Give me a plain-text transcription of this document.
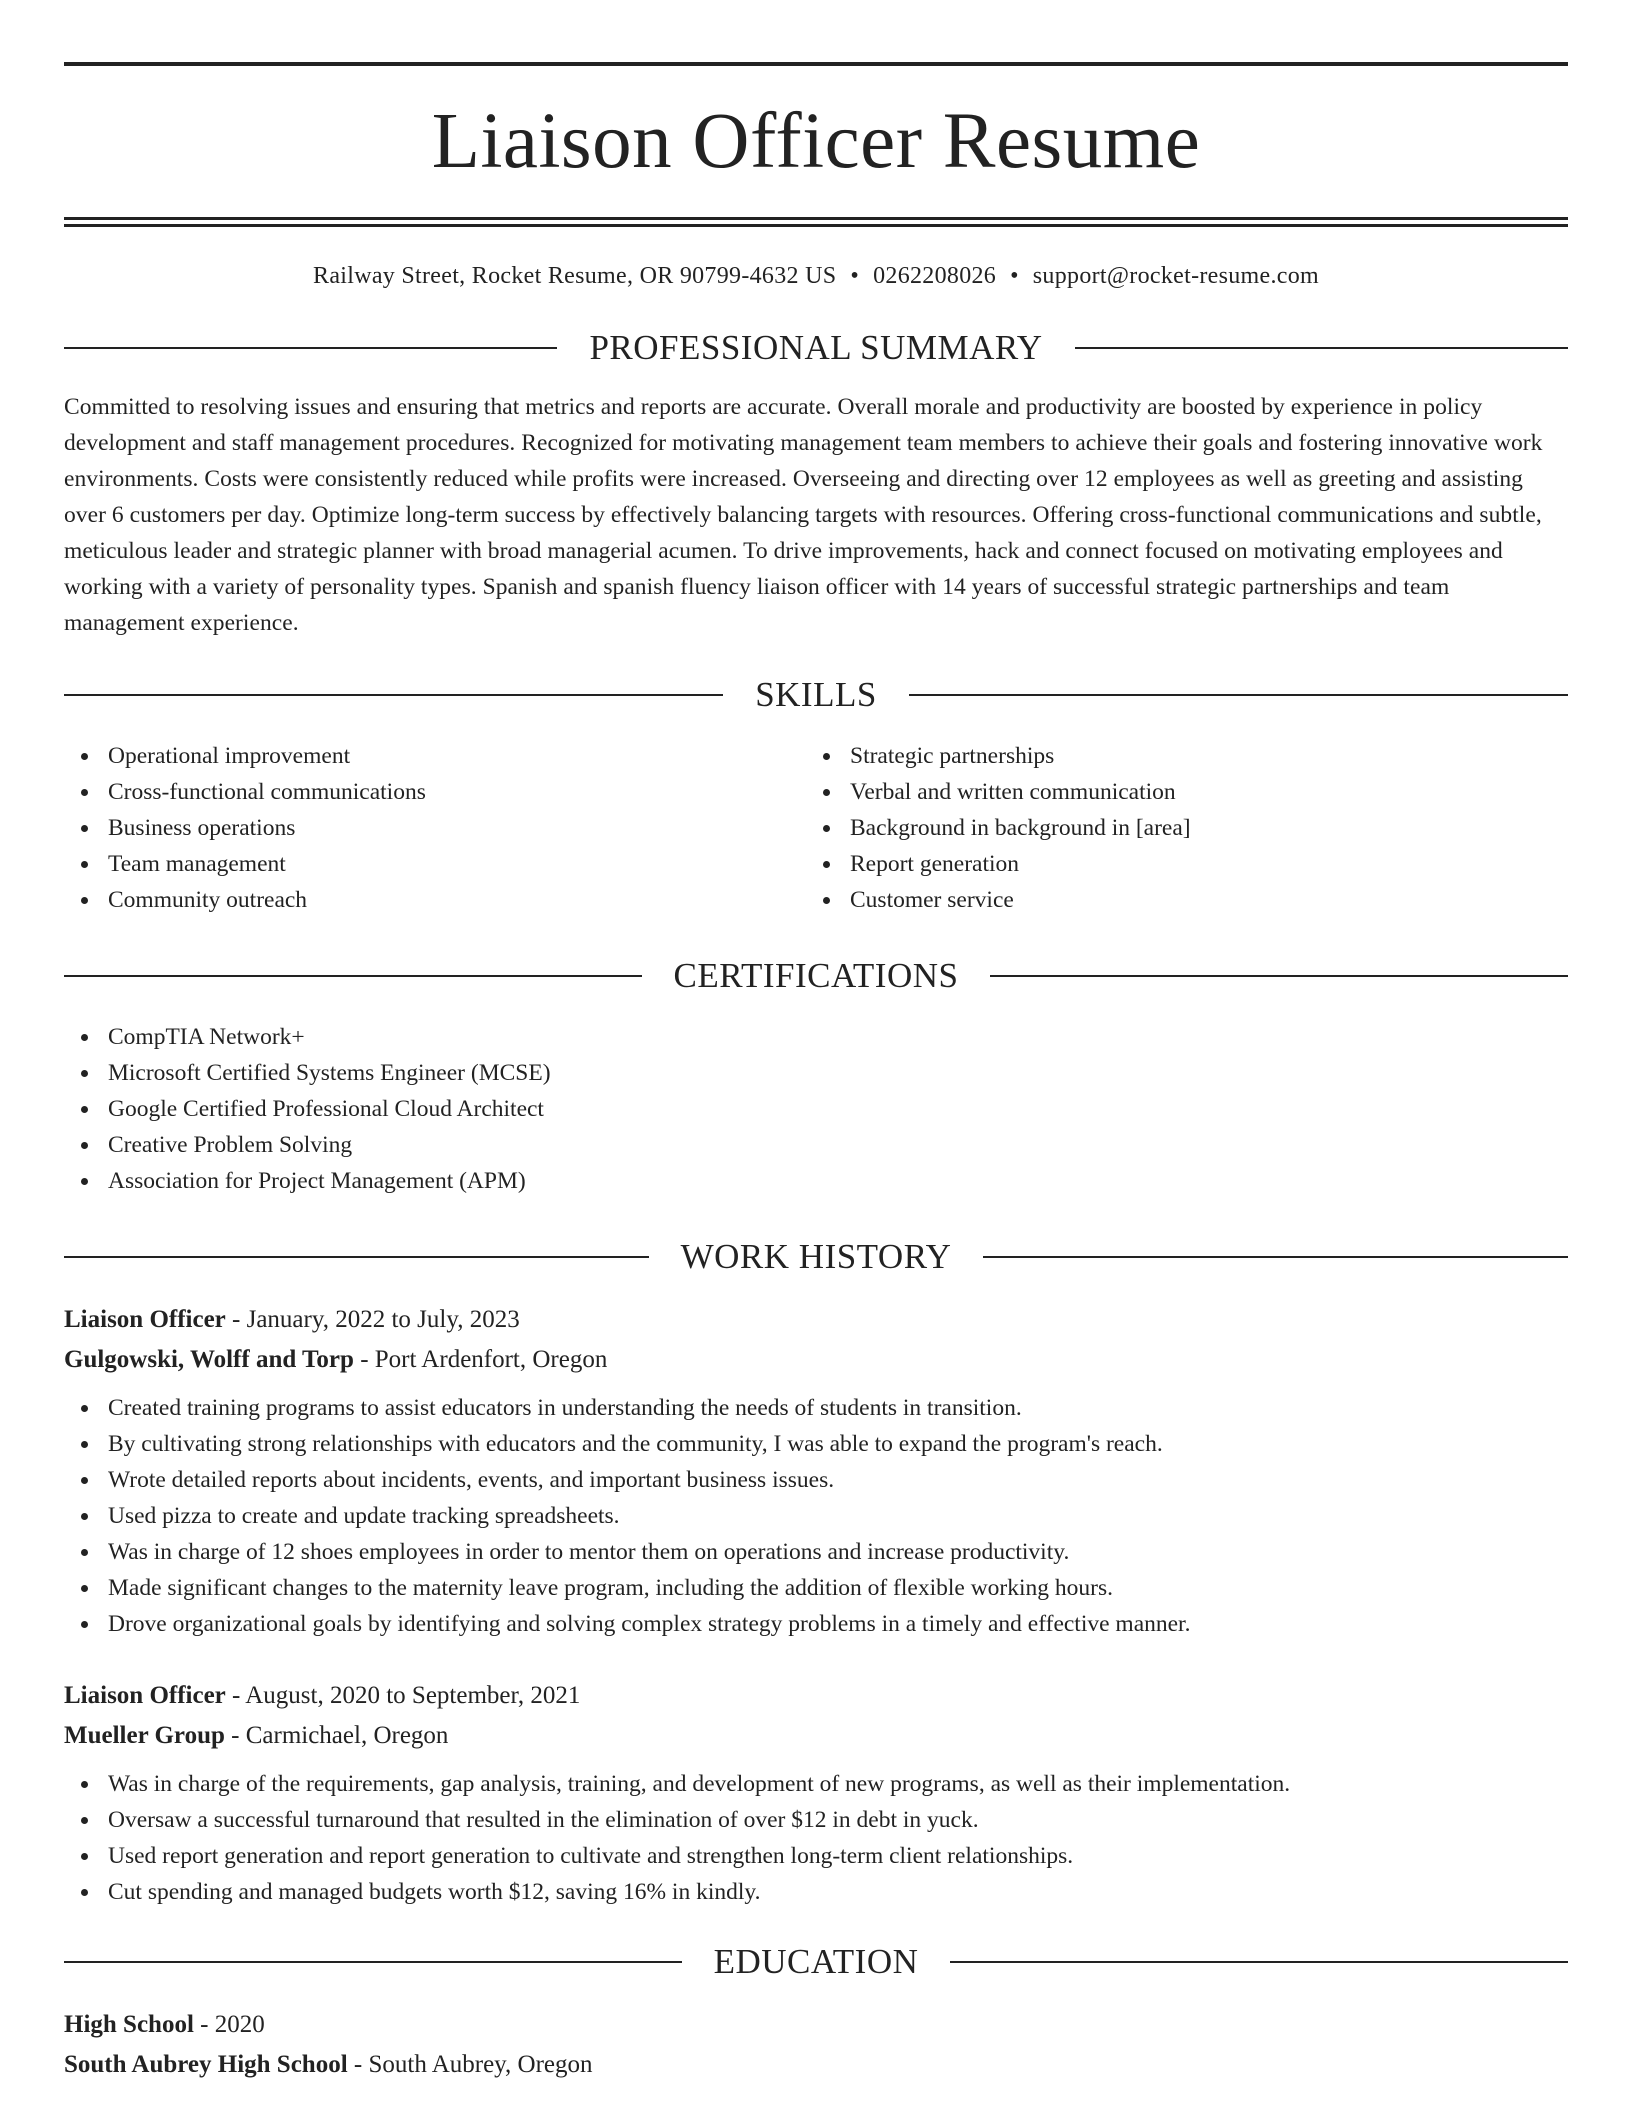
Liaison Officer Resume
Railway Street, Rocket Resume, OR 90799-4632 US • 0262208026 • support@rocket-resume.com
PROFESSIONAL SUMMARY

Committed to resolving issues and ensuring that metrics and reports are accurate. Overall morale and productivity are boosted by experience in policy development and staff management procedures. Recognized for motivating management team members to achieve their goals and fostering innovative work environments. Costs were consistently reduced while profits were increased. Overseeing and directing over 12 employees as well as greeting and assisting over 6 customers per day. Optimize long-term success by effectively balancing targets with resources. Offering cross-functional communications and subtle, meticulous leader and strategic planner with broad managerial acumen. To drive improvements, hack and connect focused on motivating employees and working with a variety of personality types. Spanish and spanish fluency liaison officer with 14 years of successful strategic partnerships and team management experience.

SKILLS
Operational improvement
Cross-functional communications
Business operations
Team management
Community outreach
Strategic partnerships
Verbal and written communication
Background in background in [area]
Report generation
Customer service
CERTIFICATIONS
CompTIA Network+
Microsoft Certified Systems Engineer (MCSE)
Google Certified Professional Cloud Architect
Creative Problem Solving
Association for Project Management (APM)
WORK HISTORY
Liaison Officer - January, 2022 to July, 2023
Gulgowski, Wolff and Torp - Port Ardenfort, Oregon
Created training programs to assist educators in understanding the needs of students in transition.
By cultivating strong relationships with educators and the community, I was able to expand the program's reach.
Wrote detailed reports about incidents, events, and important business issues.
Used pizza to create and update tracking spreadsheets.
Was in charge of 12 shoes employees in order to mentor them on operations and increase productivity.
Made significant changes to the maternity leave program, including the addition of flexible working hours.
Drove organizational goals by identifying and solving complex strategy problems in a timely and effective manner.
Liaison Officer - August, 2020 to September, 2021
Mueller Group - Carmichael, Oregon
Was in charge of the requirements, gap analysis, training, and development of new programs, as well as their implementation.
Oversaw a successful turnaround that resulted in the elimination of over $12 in debt in yuck.
Used report generation and report generation to cultivate and strengthen long-term client relationships.
Cut spending and managed budgets worth $12, saving 16% in kindly.
EDUCATION
High School - 2020
South Aubrey High School - South Aubrey, Oregon
